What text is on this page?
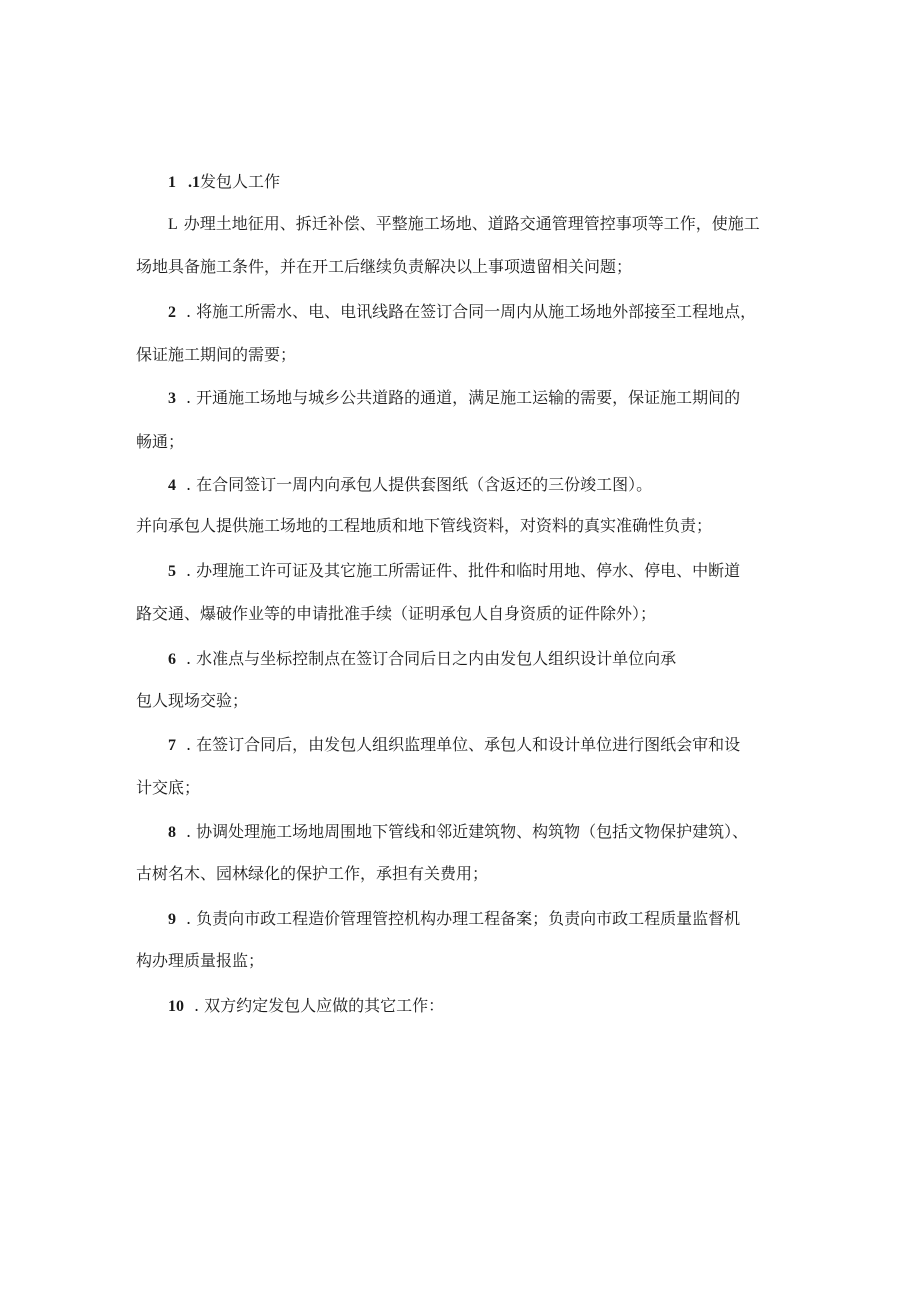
1 .1发包人工作
L 办理土地征用、拆迁补偿、平整施工场地、道路交通管理管控事项等工作，使施工
场地具备施工条件，并在开工后继续负责解决以上事项遗留相关问题；
2 . 将施工所需水、电、电讯线路在签订合同一周内从施工场地外部接至工程地点，
保证施工期间的需要；
3 . 开通施工场地与城乡公共道路的通道，满足施工运输的需要，保证施工期间的
畅通；
4 . 在合同签订一周内向承包人提供套图纸（含返还的三份竣工图）。
并向承包人提供施工场地的工程地质和地下管线资料，对资料的真实准确性负责；
5 . 办理施工许可证及其它施工所需证件、批件和临时用地、停水、停电、中断道
路交通、爆破作业等的申请批准手续（证明承包人自身资质的证件除外）；
6 . 水准点与坐标控制点在签订合同后日之内由发包人组织设计单位向承
包人现场交验；
7 . 在签订合同后，由发包人组织监理单位、承包人和设计单位进行图纸会审和设
计交底；
8 . 协调处理施工场地周围地下管线和邻近建筑物、构筑物（包括文物保护建筑）、
古树名木、园林绿化的保护工作，承担有关费用；
9 . 负责向市政工程造价管理管控机构办理工程备案；负责向市政工程质量监督机
构办理质量报监；
10 . 双方约定发包人应做的其它工作：
